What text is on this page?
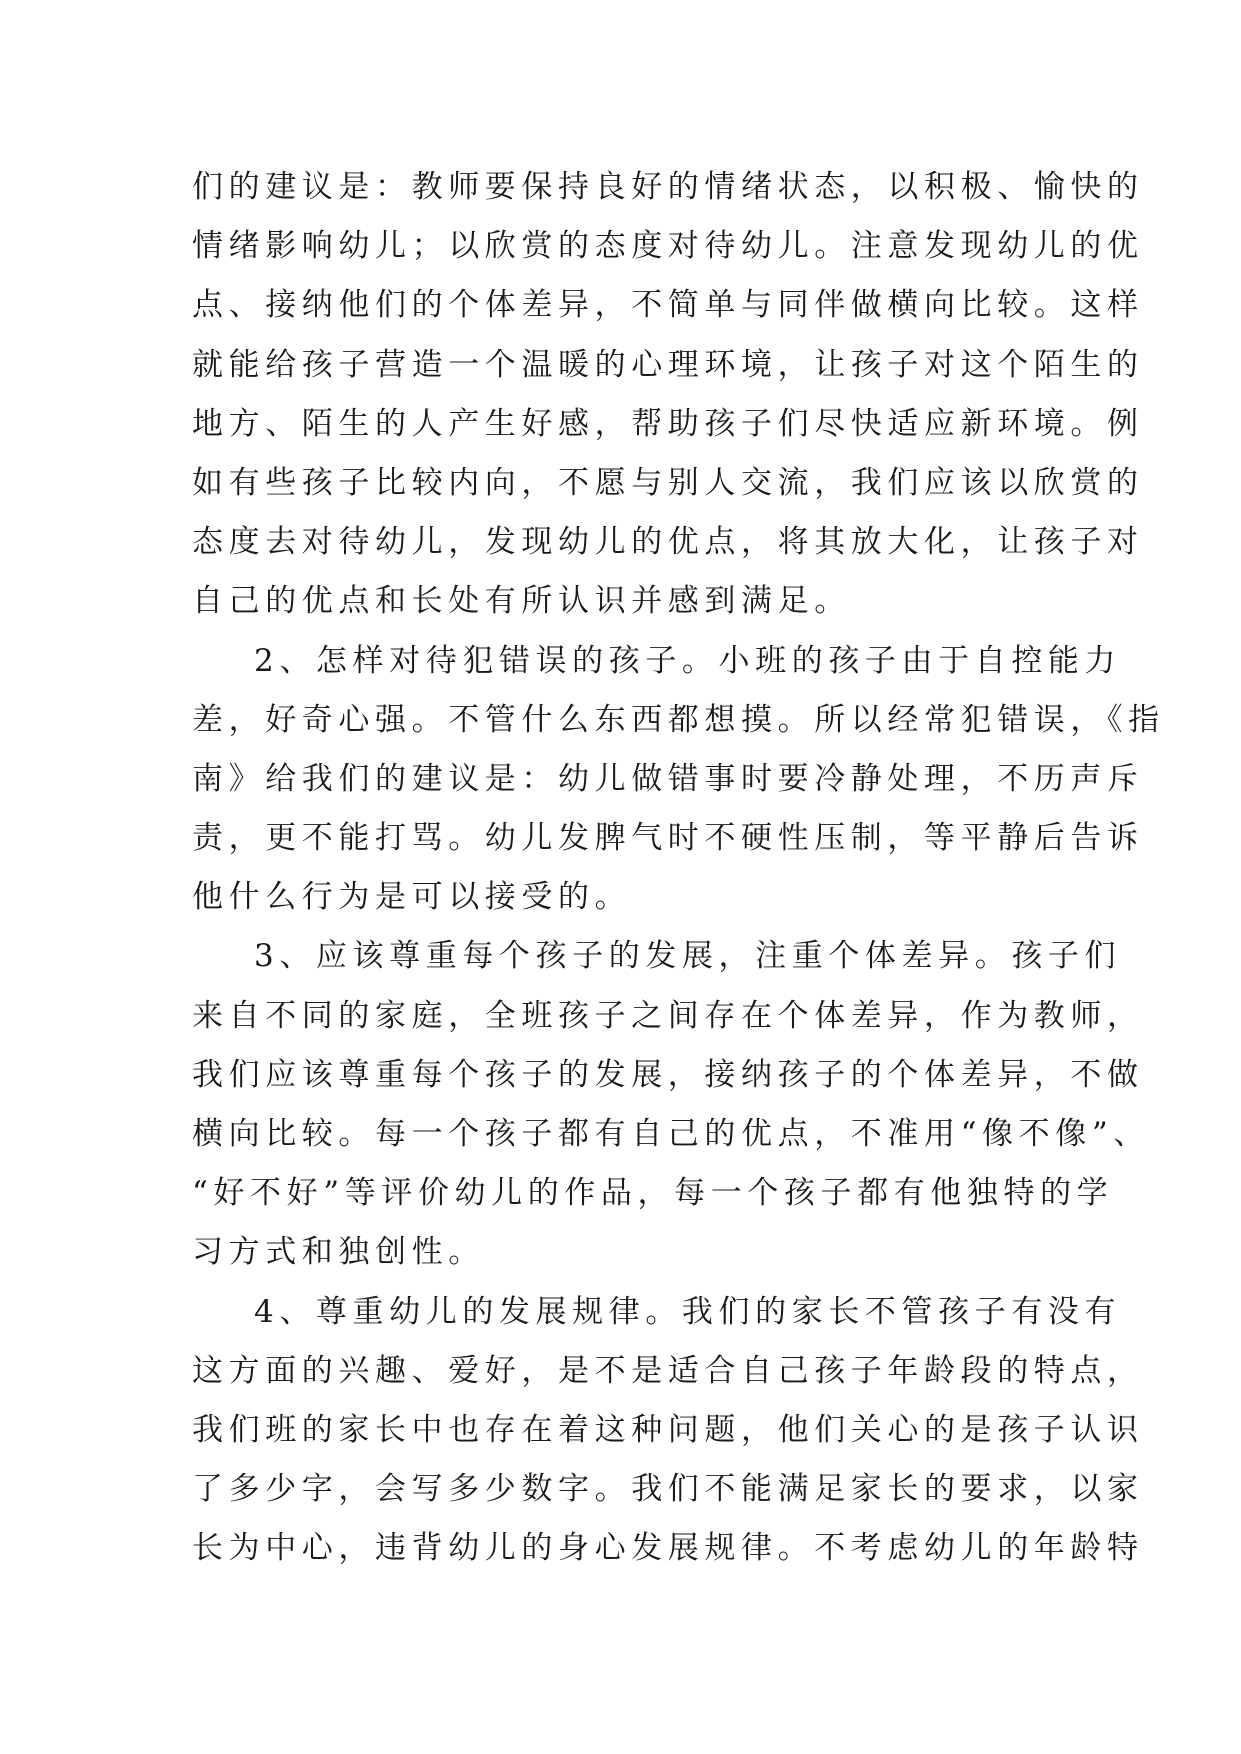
们的建议是：教师要保持良好的情绪状态，以积极、愉快的
情绪影响幼儿；以欣赏的态度对待幼儿。注意发现幼儿的优
点、接纳他们的个体差异，不简单与同伴做横向比较。这样
就能给孩子营造一个温暖的心理环境，让孩子对这个陌生的
地方、陌生的人产生好感，帮助孩子们尽快适应新环境。例
如有些孩子比较内向，不愿与别人交流，我们应该以欣赏的
态度去对待幼儿，发现幼儿的优点，将其放大化，让孩子对
自己的优点和长处有所认识并感到满足。
2、怎样对待犯错误的孩子。小班的孩子由于自控能力
差，好奇心强。不管什么东西都想摸。所以经常犯错误，《指
南》给我们的建议是：幼儿做错事时要冷静处理，不历声斥
责，更不能打骂。幼儿发脾气时不硬性压制，等平静后告诉
他什么行为是可以接受的。
3、应该尊重每个孩子的发展，注重个体差异。孩子们
来自不同的家庭，全班孩子之间存在个体差异，作为教师，
我们应该尊重每个孩子的发展，接纳孩子的个体差异，不做
横向比较。每一个孩子都有自己的优点，不准用“像不像”、
“好不好”等评价幼儿的作品，每一个孩子都有他独特的学
习方式和独创性。
4、尊重幼儿的发展规律。我们的家长不管孩子有没有
这方面的兴趣、爱好，是不是适合自己孩子年龄段的特点，
我们班的家长中也存在着这种问题，他们关心的是孩子认识
了多少字，会写多少数字。我们不能满足家长的要求，以家
长为中心，违背幼儿的身心发展规律。不考虑幼儿的年龄特
